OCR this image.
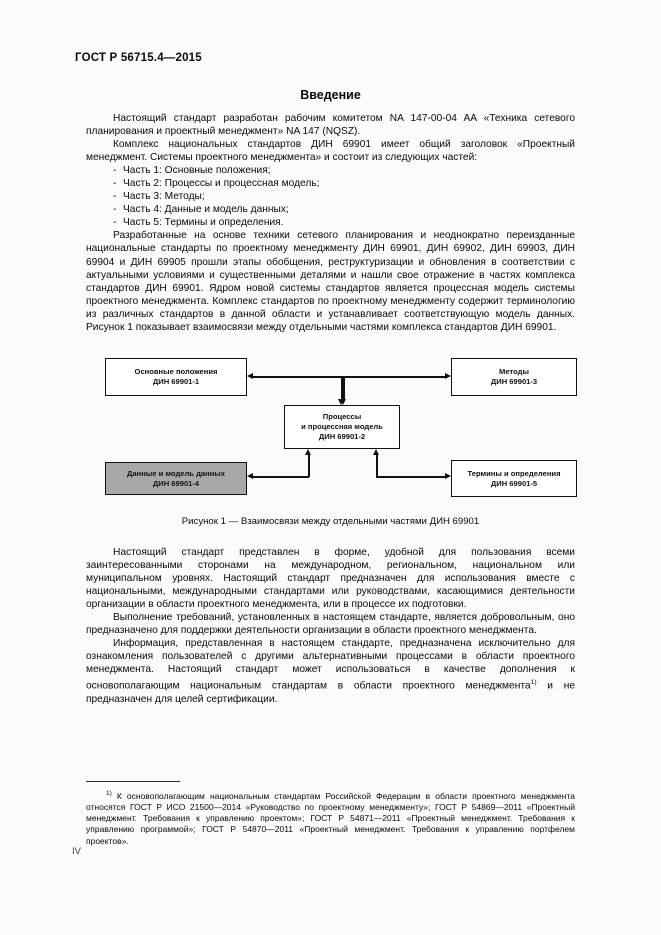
ГОСТ Р 56715.4—2015
Введение

Настоящий стандарт разработан рабочим комитетом NA 147-00-04 AA «Техника сетевого планирования и проектный менеджмент» NA 147 (NQSZ).

Комплекс национальных стандартов ДИН 69901 имеет общий заголовок «Проектный менеджмент. Системы проектного менеджмента» и состоит из следующих частей:

- Часть 1: Основные положения;
- Часть 2: Процессы и процессная модель;
- Часть 3: Методы;
- Часть 4: Данные и модель данных;
- Часть 5: Термины и определения.

Разработанные на основе техники сетевого планирования и неоднократно переизданные национальные стандарты по проектному менеджменту ДИН 69901, ДИН 69902, ДИН 69903, ДИН 69904 и ДИН 69905 прошли этапы обобщения, реструктуризации и обновления в соответствии с актуальными условиями и существенными деталями и нашли свое отражение в частях комплекса стандартов ДИН 69901. Ядром новой системы стандартов является процессная модель системы проектного менеджмента. Комплекс стандартов по проектному менеджменту содержит терминологию из различных стандартов в данной области и устанавливает соответствующую модель данных. Рисунок 1 показывает взаимосвязи между отдельными частями комплекса стандартов ДИН 69901.

Основные положения
ДИН 69901-1
Методы
ДИН 69901-3
Процессы
и процессная модель
ДИН 69901-2
Данные и модель данных
ДИН 69901-4
Термины и определения
ДИН 69901-5
Рисунок 1 — Взаимосвязи между отдельными частями ДИН 69901

Настоящий стандарт представлен в форме, удобной для пользования всеми заинтересованными сторонами на международном, региональном, национальном или муниципальном уровнях. Настоящий стандарт предназначен для использования вместе с национальными, международными стандартами или руководствами, касающимися деятельности организации в области проектного менеджмента, или в процессе их подготовки.

Выполнение требований, установленных в настоящем стандарте, является добровольным, оно предназначено для поддержки деятельности организации в области проектного менеджмента.

Информация, представленная в настоящем стандарте, предназначена исключительно для ознакомления пользователей с другими альтернативными процессами в области проектного менеджмента. Настоящий стандарт может использоваться в качестве дополнения к основополагающим национальным стандартам в области проектного менеджмента$^{1)}$ и не предназначен для целей сертификации.

$^{1)}$ К основополагающим национальным стандартам Российской Федерации в области проектного менеджмента относятся ГОСТ Р ИСО 21500—2014 «Руководство по проектному менеджменту»; ГОСТ Р 54869—2011 «Проектный менеджмент. Требования к управлению проектом»; ГОСТ Р 54871—2011 «Проектный менеджмент. Требования к управлению программой»; ГОСТ Р 54870—2011 «Проектный менеджмент. Требования к управлению портфелем проектов».
IV
